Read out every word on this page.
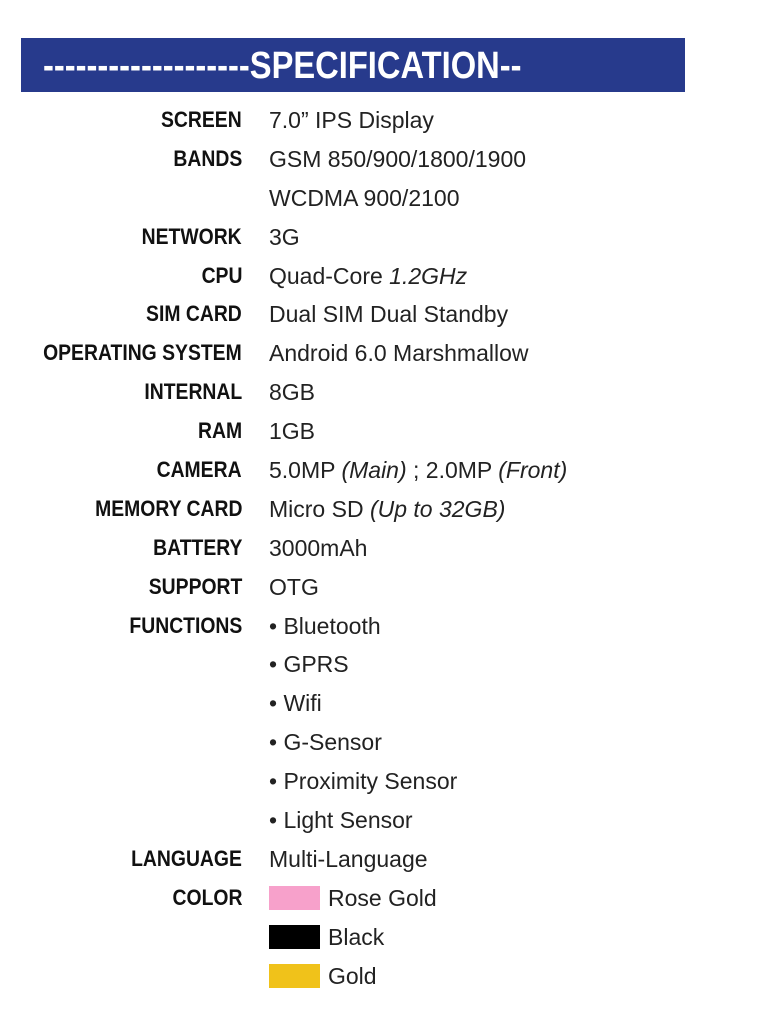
-------------------SPECIFICATION--
SCREEN 7.0” IPS Display
BANDS GSM 850/900/1800/1900
WCDMA 900/2100
NETWORK 3G
CPU Quad-Core 1.2GHz
SIM CARD Dual SIM Dual Standby
OPERATING SYSTEM Android 6.0 Marshmallow
INTERNAL 8GB
RAM 1GB
CAMERA 5.0MP (Main) ; 2.0MP (Front)
MEMORY CARD Micro SD (Up to 32GB)
BATTERY 3000mAh
SUPPORT OTG
FUNCTIONS • Bluetooth
• GPRS
• Wifi
• G-Sensor
• Proximity Sensor
• Light Sensor
LANGUAGE Multi-Language
COLOR	Rose Gold
Black
Gold
